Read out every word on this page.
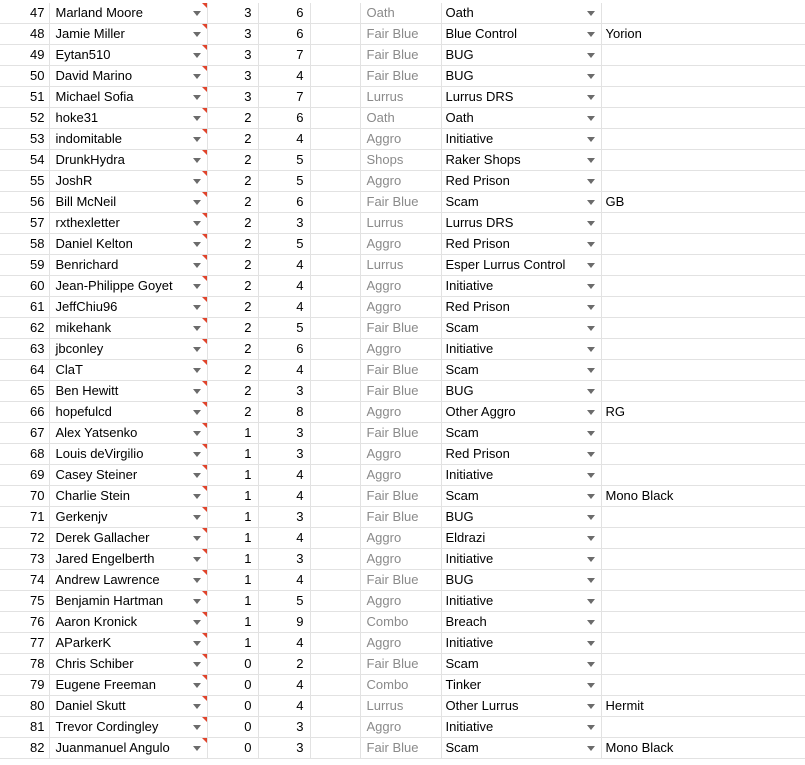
47	Marland Moore	3	6		Oath	Oath

48	Jamie Miller	3	6		Fair Blue	Blue Control	Yorion
49	Eytan510	3	7		Fair Blue	BUG

50	David Marino	3	4		Fair Blue	BUG

51	Michael Sofia	3	7		Lurrus	Lurrus DRS

52	hoke31	2	6		Oath	Oath

53	indomitable	2	4		Aggro	Initiative

54	DrunkHydra	2	5		Shops	Raker Shops

55	JoshR	2	5		Aggro	Red Prison

56	Bill McNeil	2	6		Fair Blue	Scam	GB
57	rxthexletter	2	3		Lurrus	Lurrus DRS

58	Daniel Kelton	2	5		Aggro	Red Prison

59	Benrichard	2	4		Lurrus	Esper Lurrus Control

60	Jean-Philippe Goyet	2	4		Aggro	Initiative

61	JeffChiu96	2	4		Aggro	Red Prison

62	mikehank	2	5		Fair Blue	Scam

63	jbconley	2	6		Aggro	Initiative

64	ClaT	2	4		Fair Blue	Scam

65	Ben Hewitt	2	3		Fair Blue	BUG

66	hopefulcd	2	8		Aggro	Other Aggro	RG
67	Alex Yatsenko	1	3		Fair Blue	Scam

68	Louis deVirgilio	1	3		Aggro	Red Prison

69	Casey Steiner	1	4		Aggro	Initiative

70	Charlie Stein	1	4		Fair Blue	Scam	Mono Black
71	Gerkenjv	1	3		Fair Blue	BUG

72	Derek Gallacher	1	4		Aggro	Eldrazi

73	Jared Engelberth	1	3		Aggro	Initiative

74	Andrew Lawrence	1	4		Fair Blue	BUG

75	Benjamin Hartman	1	5		Aggro	Initiative

76	Aaron Kronick	1	9		Combo	Breach

77	AParkerK	1	4		Aggro	Initiative

78	Chris Schiber	0	2		Fair Blue	Scam

79	Eugene Freeman	0	4		Combo	Tinker

80	Daniel Skutt	0	4		Lurrus	Other Lurrus	Hermit
81	Trevor Cordingley	0	3		Aggro	Initiative

82	Juanmanuel Angulo	0	3		Fair Blue	Scam	Mono Black
